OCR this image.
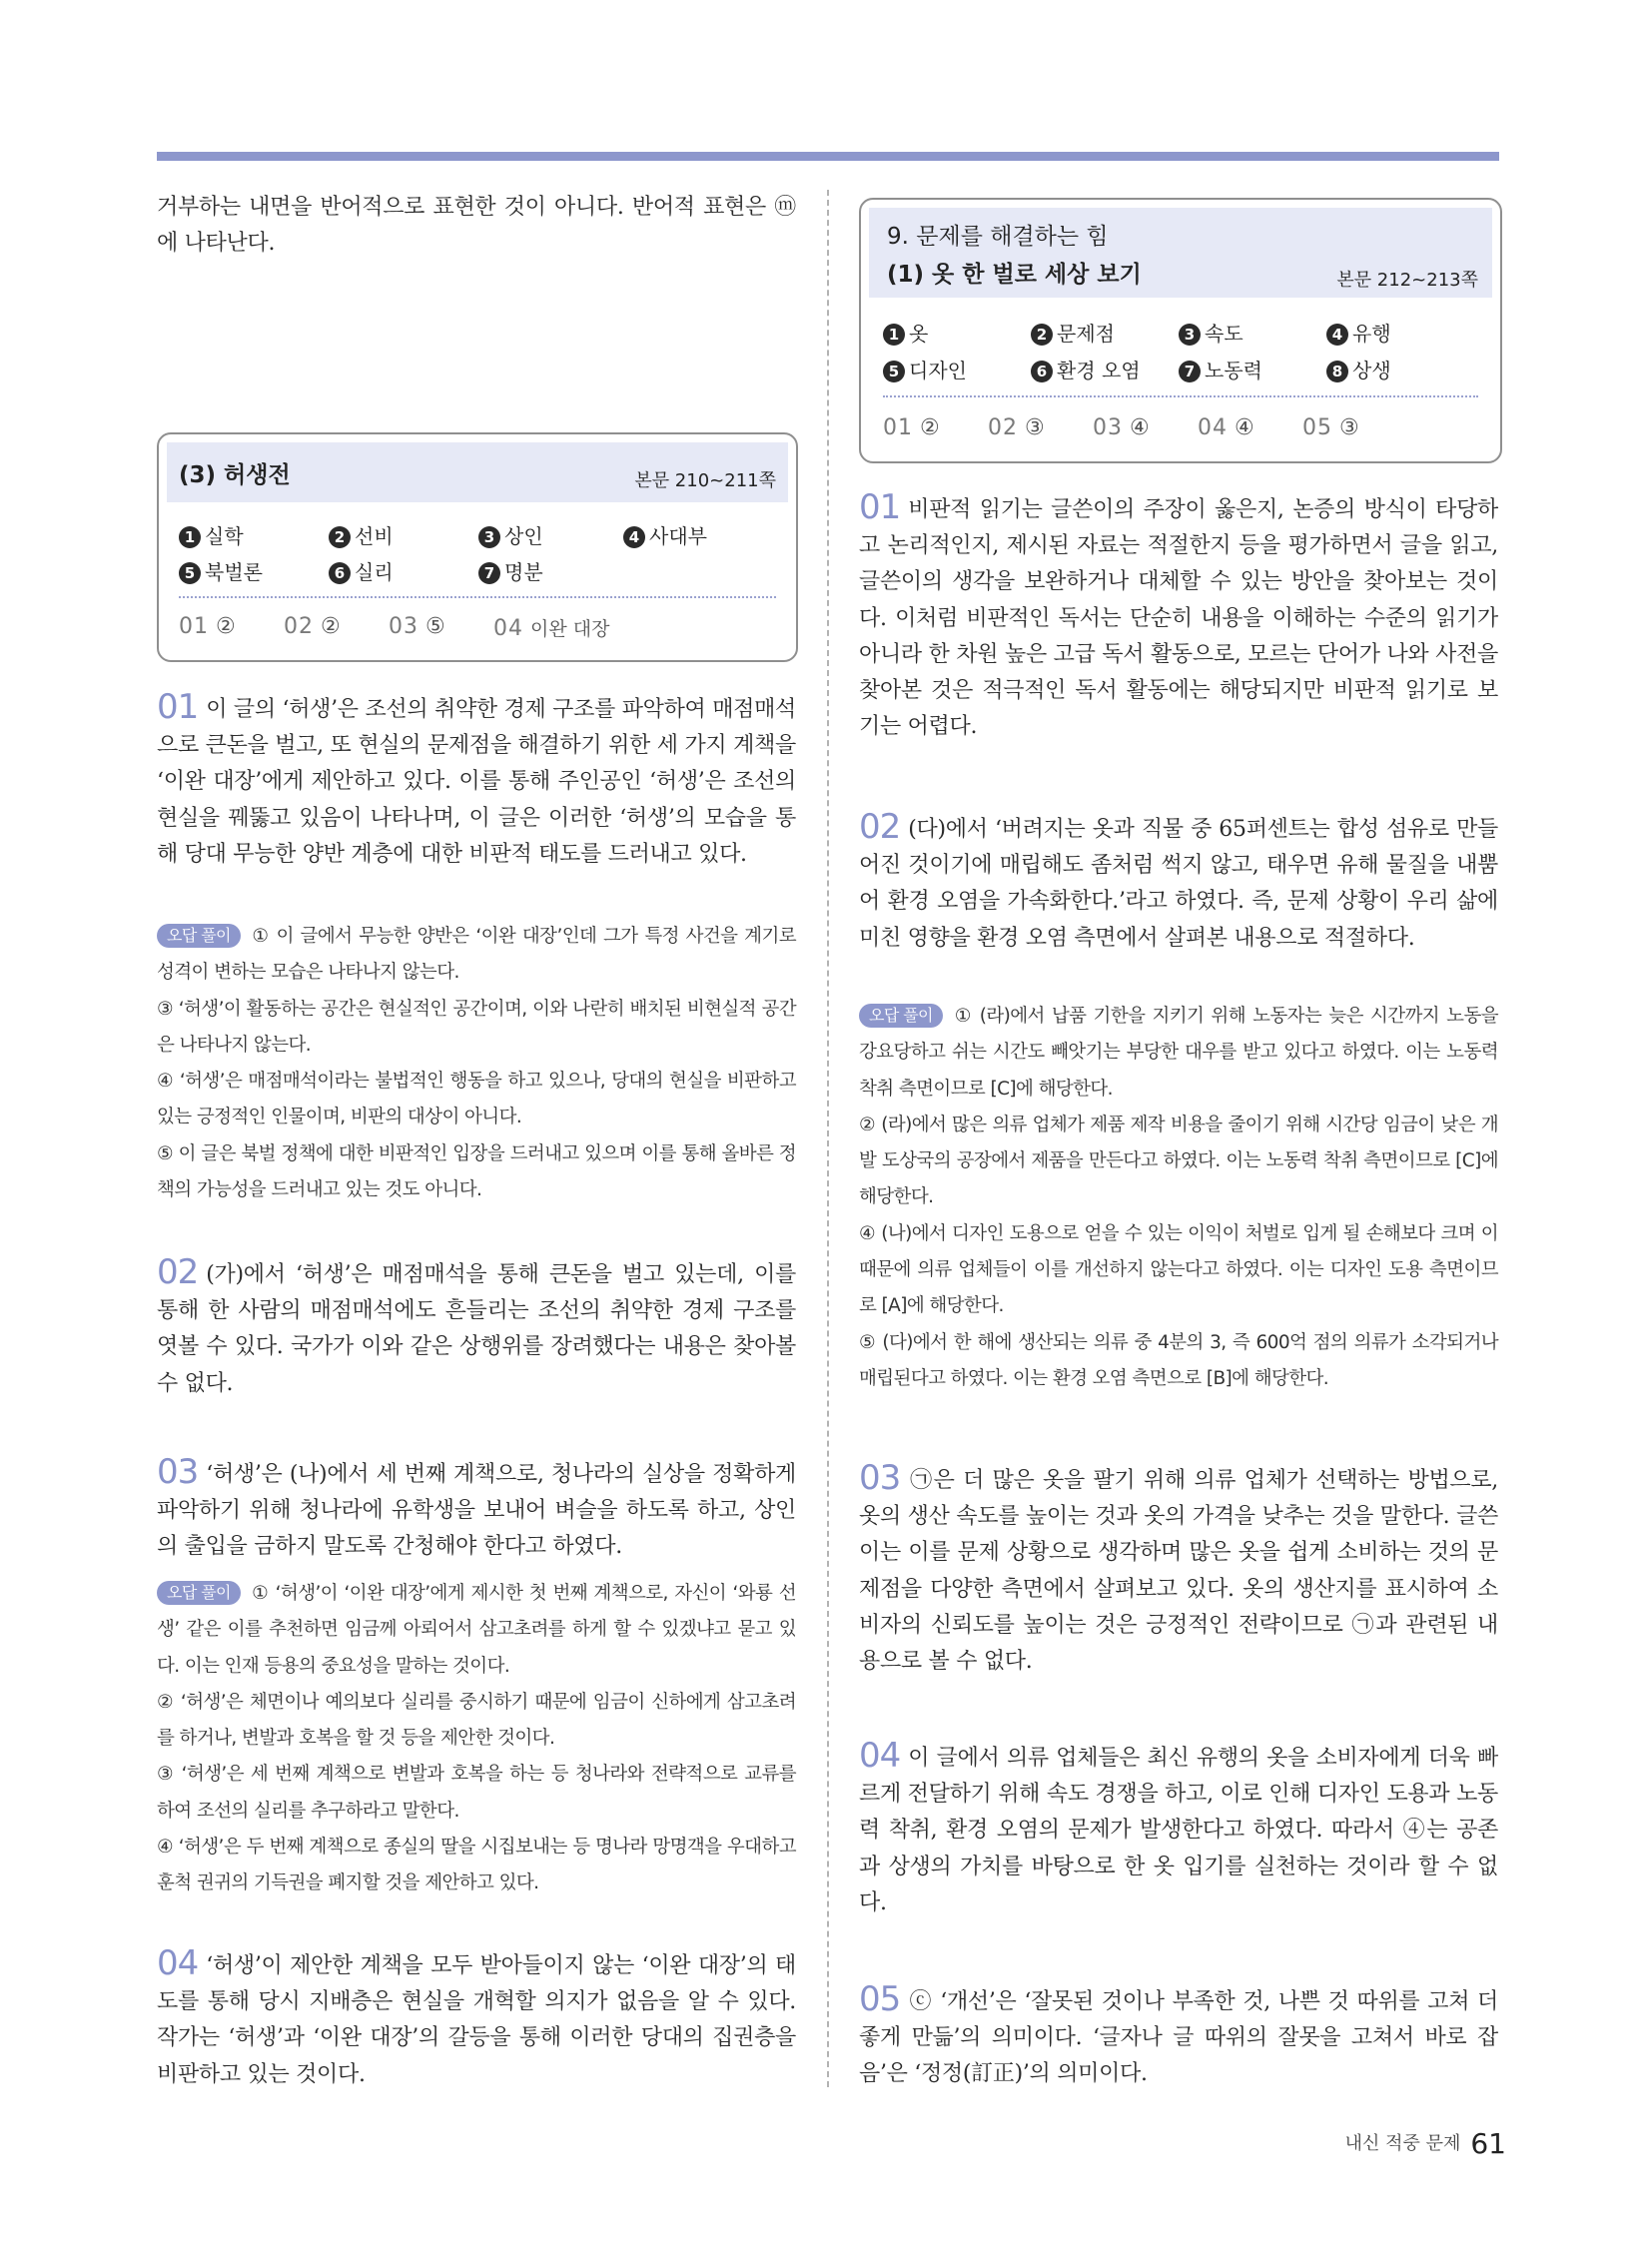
거부하는 내면을 반어적으로 표현한 것이 아니다. 반어적 표현은 ⓜ에 나타난다.

(3) 허생전	본문 210~211쪽
1 실학	2 선비	3 상인	4 사대부
5 북벌론	6 실리	7 명분
01 ② 02 ② 03 ⑤ 04 이완 대장

01 이 글의 ‘허생’은 조선의 취약한 경제 구조를 파악하여 매점매석으로 큰돈을 벌고, 또 현실의 문제점을 해결하기 위한 세 가지 계책을 ‘이완 대장’에게 제안하고 있다. 이를 통해 주인공인 ‘허생’은 조선의 현실을 꿰뚫고 있음이 나타나며, 이 글은 이러한 ‘허생’의 모습을 통해 당대 무능한 양반 계층에 대한 비판적 태도를 드러내고 있다.

오답 풀이 ① 이 글에서 무능한 양반은 ‘이완 대장’인데 그가 특정 사건을 계기로 성격이 변하는 모습은 나타나지 않는다.
③ ‘허생’이 활동하는 공간은 현실적인 공간이며, 이와 나란히 배치된 비현실적 공간은 나타나지 않는다.
④ ‘허생’은 매점매석이라는 불법적인 행동을 하고 있으나, 당대의 현실을 비판하고 있는 긍정적인 인물이며, 비판의 대상이 아니다.
⑤ 이 글은 북벌 정책에 대한 비판적인 입장을 드러내고 있으며 이를 통해 올바른 정책의 가능성을 드러내고 있는 것도 아니다.

02 (가)에서 ‘허생’은 매점매석을 통해 큰돈을 벌고 있는데, 이를 통해 한 사람의 매점매석에도 흔들리는 조선의 취약한 경제 구조를 엿볼 수 있다. 국가가 이와 같은 상행위를 장려했다는 내용은 찾아볼 수 없다.

03 ‘허생’은 (나)에서 세 번째 계책으로, 청나라의 실상을 정확하게 파악하기 위해 청나라에 유학생을 보내어 벼슬을 하도록 하고, 상인의 출입을 금하지 말도록 간청해야 한다고 하였다.

오답 풀이 ① ‘허생’이 ‘이완 대장’에게 제시한 첫 번째 계책으로, 자신이 ‘와룡 선생’ 같은 이를 추천하면 임금께 아뢰어서 삼고초려를 하게 할 수 있겠냐고 묻고 있다. 이는 인재 등용의 중요성을 말하는 것이다.
② ‘허생’은 체면이나 예의보다 실리를 중시하기 때문에 임금이 신하에게 삼고초려를 하거나, 변발과 호복을 할 것 등을 제안한 것이다.
③ ‘허생’은 세 번째 계책으로 변발과 호복을 하는 등 청나라와 전략적으로 교류를 하여 조선의 실리를 추구하라고 말한다.
④ ‘허생’은 두 번째 계책으로 종실의 딸을 시집보내는 등 명나라 망명객을 우대하고 훈척 권귀의 기득권을 폐지할 것을 제안하고 있다.

04 ‘허생’이 제안한 계책을 모두 받아들이지 않는 ‘이완 대장’의 태도를 통해 당시 지배층은 현실을 개혁할 의지가 없음을 알 수 있다. 작가는 ‘허생’과 ‘이완 대장’의 갈등을 통해 이러한 당대의 집권층을 비판하고 있는 것이다.

9. 문제를 해결하는 힘
(1) 옷 한 벌로 세상 보기	본문 212~213쪽
1 옷	2 문제점	3 속도	4 유행
5 디자인	6 환경 오염	7 노동력	8 상생
01 ② 02 ③ 03 ④ 04 ④ 05 ③

01 비판적 읽기는 글쓴이의 주장이 옳은지, 논증의 방식이 타당하고 논리적인지, 제시된 자료는 적절한지 등을 평가하면서 글을 읽고, 글쓴이의 생각을 보완하거나 대체할 수 있는 방안을 찾아보는 것이다. 이처럼 비판적인 독서는 단순히 내용을 이해하는 수준의 읽기가 아니라 한 차원 높은 고급 독서 활동으로, 모르는 단어가 나와 사전을 찾아본 것은 적극적인 독서 활동에는 해당되지만 비판적 읽기로 보기는 어렵다.

02 (다)에서 ‘버려지는 옷과 직물 중 65퍼센트는 합성 섬유로 만들어진 것이기에 매립해도 좀처럼 썩지 않고, 태우면 유해 물질을 내뿜어 환경 오염을 가속화한다.’라고 하였다. 즉, 문제 상황이 우리 삶에 미친 영향을 환경 오염 측면에서 살펴본 내용으로 적절하다.

오답 풀이 ① (라)에서 납품 기한을 지키기 위해 노동자는 늦은 시간까지 노동을 강요당하고 쉬는 시간도 빼앗기는 부당한 대우를 받고 있다고 하였다. 이는 노동력 착취 측면이므로 [C]에 해당한다.
② (라)에서 많은 의류 업체가 제품 제작 비용을 줄이기 위해 시간당 임금이 낮은 개발 도상국의 공장에서 제품을 만든다고 하였다. 이는 노동력 착취 측면이므로 [C]에 해당한다.
④ (나)에서 디자인 도용으로 얻을 수 있는 이익이 처벌로 입게 될 손해보다 크며 이 때문에 의류 업체들이 이를 개선하지 않는다고 하였다. 이는 디자인 도용 측면이므로 [A]에 해당한다.
⑤ (다)에서 한 해에 생산되는 의류 중 4분의 3, 즉 600억 점의 의류가 소각되거나 매립된다고 하였다. 이는 환경 오염 측면으로 [B]에 해당한다.

03 ㉠은 더 많은 옷을 팔기 위해 의류 업체가 선택하는 방법으로, 옷의 생산 속도를 높이는 것과 옷의 가격을 낮추는 것을 말한다. 글쓴이는 이를 문제 상황으로 생각하며 많은 옷을 쉽게 소비하는 것의 문제점을 다양한 측면에서 살펴보고 있다. 옷의 생산지를 표시하여 소비자의 신뢰도를 높이는 것은 긍정적인 전략이므로 ㉠과 관련된 내용으로 볼 수 없다.

04 이 글에서 의류 업체들은 최신 유행의 옷을 소비자에게 더욱 빠르게 전달하기 위해 속도 경쟁을 하고, 이로 인해 디자인 도용과 노동력 착취, 환경 오염의 문제가 발생한다고 하였다. 따라서 ④는 공존과 상생의 가치를 바탕으로 한 옷 입기를 실천하는 것이라 할 수 없다.

05 ⓒ ‘개선’은 ‘잘못된 것이나 부족한 것, 나쁜 것 따위를 고쳐 더 좋게 만듦’의 의미이다. ‘글자나 글 따위의 잘못을 고쳐서 바로 잡음’은 ‘정정(訂正)’의 의미이다.

내신 적중 문제 61
